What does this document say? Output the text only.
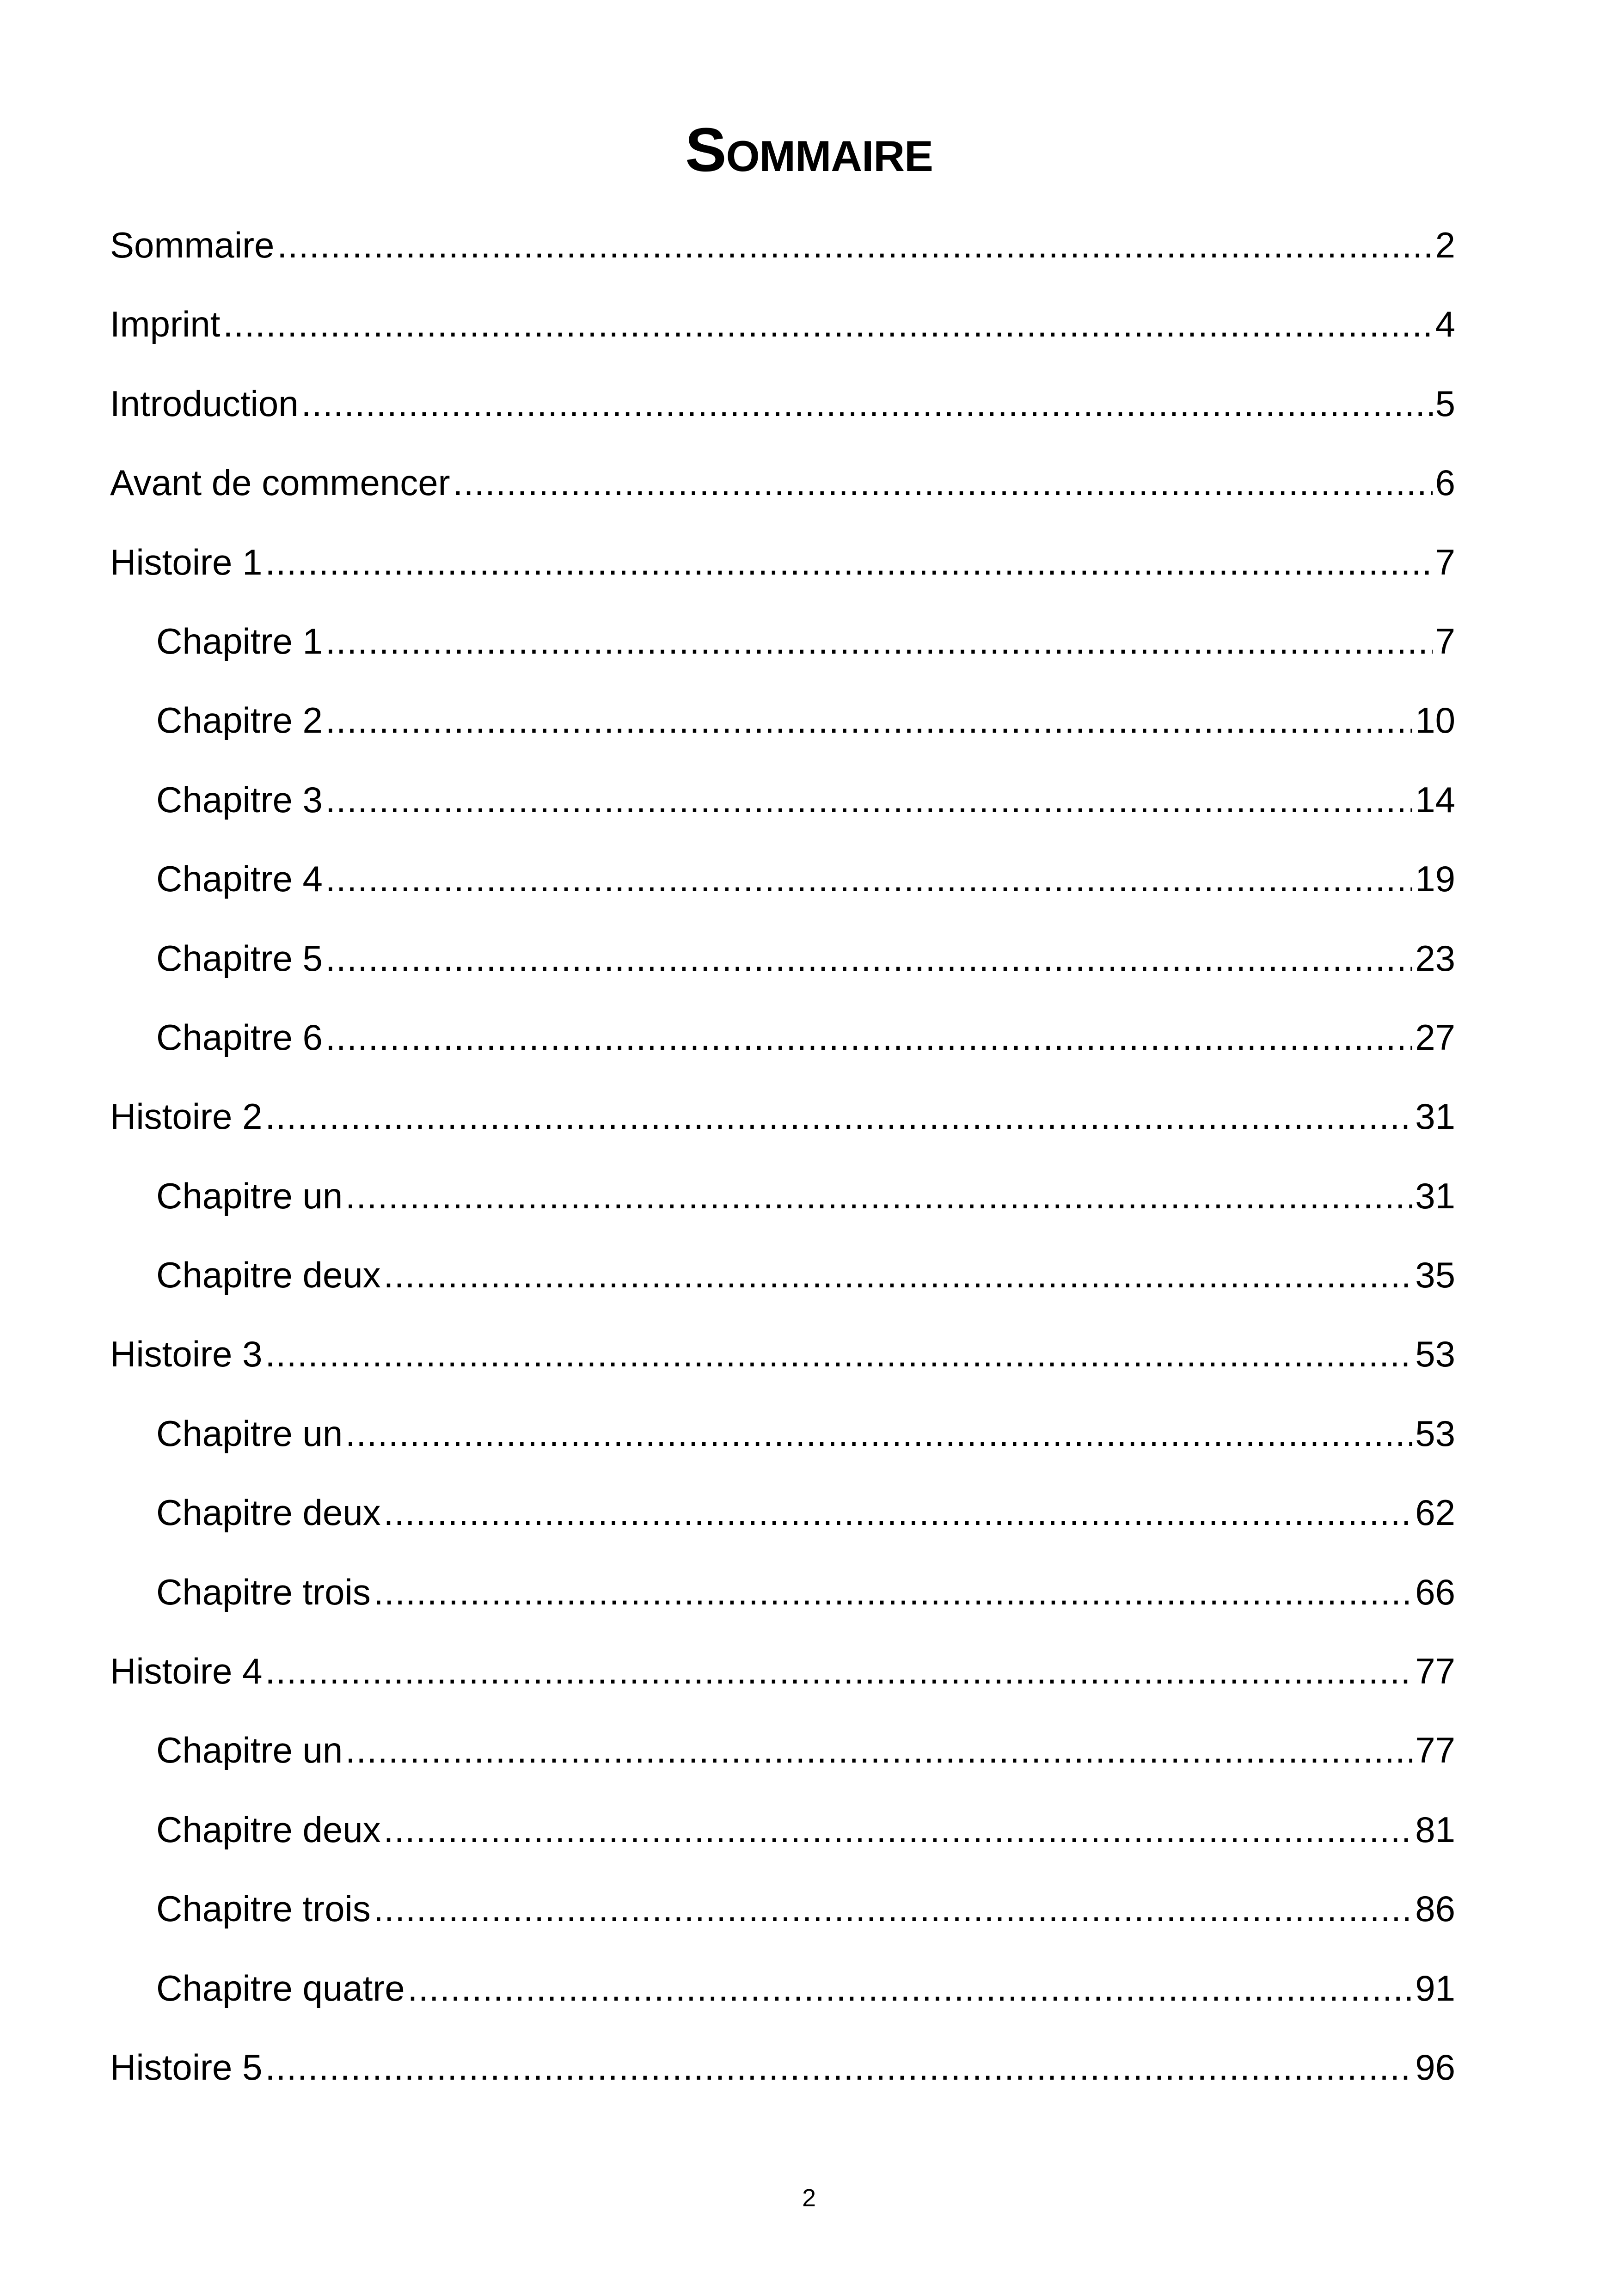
Sommaire
Sommaire .....	2
Imprint .....	4
Introduction .....	5
Avant de commencer .....	6
Histoire 1 .....	7
Chapitre 1 .....	7
Chapitre 2 .....	10
Chapitre 3 .....	14
Chapitre 4 .....	19
Chapitre 5 .....	23
Chapitre 6 .....	27
Histoire 2 .....	31
Chapitre un .....	31
Chapitre deux .....	35
Histoire 3 .....	53
Chapitre un .....	53
Chapitre deux .....	62
Chapitre trois .....	66
Histoire 4 .....	77
Chapitre un .....	77
Chapitre deux .....	81
Chapitre trois .....	86
Chapitre quatre .....	91
Histoire 5 .....	96
2
